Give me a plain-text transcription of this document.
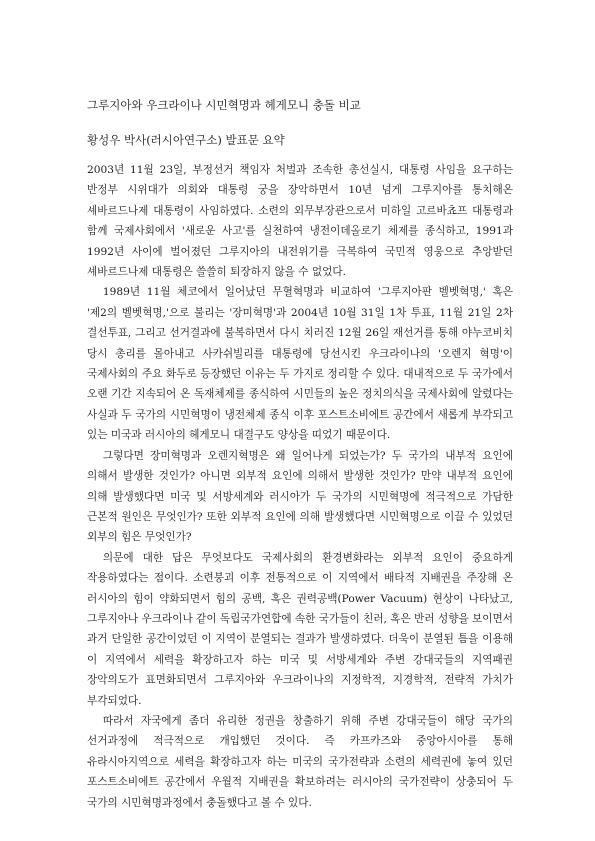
그루지아와 우크라이나 시민혁명과 헤게모니 충돌 비교
황성우 박사(러시아연구소) 발표문 요약

2003년 11월 23일, 부정선거 책임자 처벌과 조속한 총선실시, 대통령 사임을 요구하는 반정부 시위대가 의회와 대통령 궁을 장악하면서 10년 넘게 그루지아를 통치해온 셰바르드나제 대통령이 사임하였다. 소련의 외무부장관으로서 미하일 고르바쵸프 대통령과 함께 국제사회에서 '새로운 사고'를 실천하여 냉전이데올로기 체제를 종식하고, 1991과 1992년 사이에 벌어졌던 그루지아의 내전위기를 극복하여 국민적 영웅으로 추앙받던 셰바르드나제 대통령은 쓸쓸히 퇴장하지 않을 수 없었다.

1989년 11월 체코에서 일어났던 무혈혁명과 비교하여 '그루지아판 벨벳혁명,' 혹은 '제2의 벨벳혁명,'으로 불리는 '장미혁명'과 2004년 10월 31일 1차 투표, 11월 21일 2차 결선투표, 그리고 선거결과에 불복하면서 다시 치러진 12월 26일 재선거를 통해 야누코비치 당시 총리를 몰아내고 사카쉬빌리를 대통령에 당선시킨 우크라이나의 '오렌지 혁명'이 국제사회의 주요 화두로 등장했던 이유는 두 가지로 정리할 수 있다. 대내적으로 두 국가에서 오랜 기간 지속되어 온 독재체제를 종식하여 시민들의 높은 정치의식을 국제사회에 알렸다는 사실과 두 국가의 시민혁명이 냉전체제 종식 이후 포스트소비에트 공간에서 새롭게 부각되고 있는 미국과 러시아의 헤게모니 대결구도 양상을 띠었기 때문이다.

그렇다면 장미혁명과 오렌지혁명은 왜 일어나게 되었는가? 두 국가의 내부적 요인에 의해서 발생한 것인가? 아니면 외부적 요인에 의해서 발생한 것인가? 만약 내부적 요인에 의해 발생했다면 미국 및 서방세계와 러시아가 두 국가의 시민혁명에 적극적으로 가담한 근본적 원인은 무엇인가? 또한 외부적 요인에 의해 발생했다면 시민혁명으로 이끌 수 있었던 외부의 힘은 무엇인가?

의문에 대한 답은 무엇보다도 국제사회의 환경변화라는 외부적 요인이 중요하게 작용하였다는 점이다. 소련붕괴 이후 전통적으로 이 지역에서 배타적 지배권을 주장해 온 러시아의 힘이 약화되면서 힘의 공백, 혹은 권력공백(Power Vacuum) 현상이 나타났고, 그루지아나 우크라이나 같이 독립국가연합에 속한 국가들이 친러, 혹은 반러 성향을 보이면서 과거 단일한 공간이었던 이 지역이 분열되는 결과가 발생하였다. 더욱이 분열된 틈을 이용해 이 지역에서 세력을 확장하고자 하는 미국 및 서방세계와 주변 강대국들의 지역패권 장악의도가 표면화되면서 그루지아와 우크라이나의 지정학적, 지경학적, 전략적 가치가 부각되었다.

따라서 자국에게 좀더 유리한 정권을 창출하기 위해 주변 강대국들이 해당 국가의 선거과정에 적극적으로 개입했던 것이다. 즉 카프카즈와 중앙아시아를 통해 유라시아지역으로 세력을 확장하고자 하는 미국의 국가전략과 소련의 세력권에 놓여 있던 포스트소비에트 공간에서 우월적 지배권을 확보하려는 러시아의 국가전략이 상충되어 두 국가의 시민혁명과정에서 충돌했다고 볼 수 있다.
